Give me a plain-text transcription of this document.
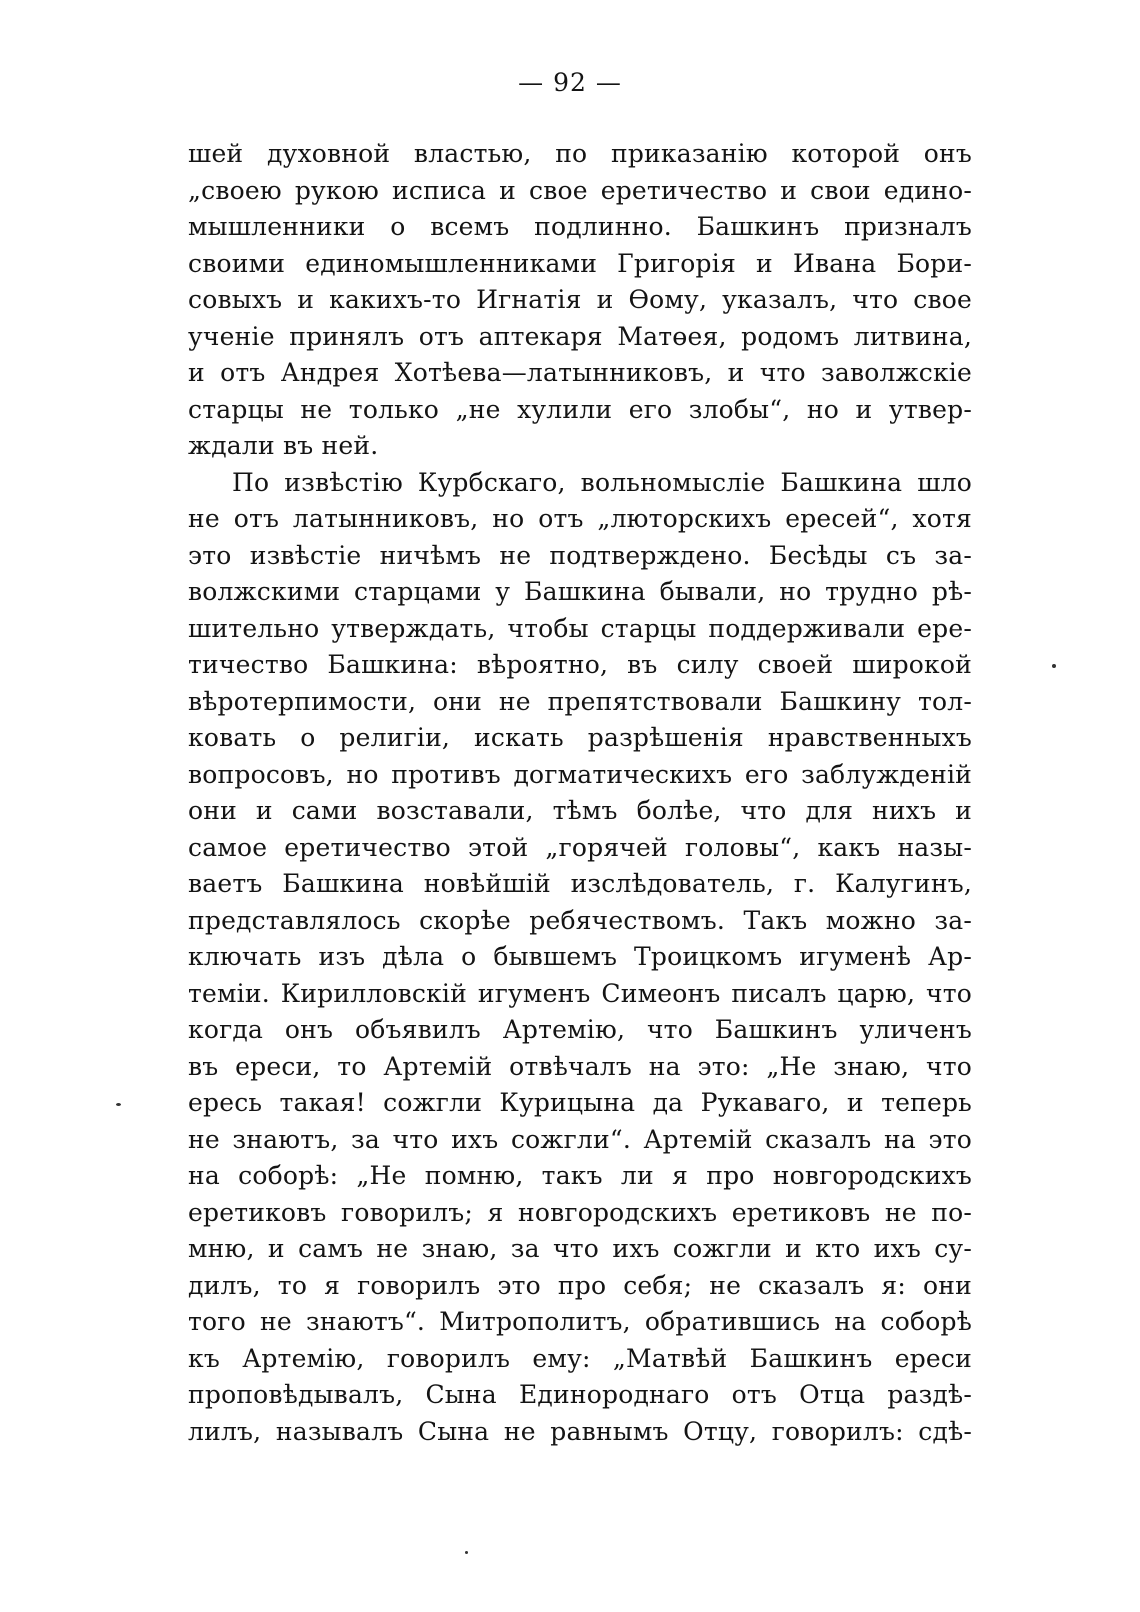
— 92 —
шей духовной властью, по приказанію которой онъ
„своею рукою исписа и свое еретичество и свои едино-
мышленники о всемъ подлинно. Башкинъ призналъ
своими единомышленниками Григорія и Ивана Бори-
совыхъ и какихъ-то Игнатія и Өому, указалъ, что свое
ученіе принялъ отъ аптекаря Матөея, родомъ литвина,
и отъ Андрея Хотѣева—латынниковъ, и что заволжскіе
старцы не только „не хулили его злобы“, но и утвер-
ждали въ ней.
По извѣстію Курбскаго, вольномысліе Башкина шло
не отъ латынниковъ, но отъ „люторскихъ ересей“, хотя
это извѣстіе ничѣмъ не подтверждено. Бесѣды съ за-
волжскими старцами у Башкина бывали, но трудно рѣ-
шительно утверждать, чтобы старцы поддерживали ере-
тичество Башкина: вѣроятно, въ силу своей широкой
вѣротерпимости, они не препятствовали Башкину тол-
ковать о религіи, искать разрѣшенія нравственныхъ
вопросовъ, но противъ догматическихъ его заблужденій
они и сами возставали, тѣмъ болѣе, что для нихъ и
самое еретичество этой „горячей головы“, какъ назы-
ваетъ Башкина новѣйшій изслѣдователь, г. Калугинъ,
представлялось скорѣе ребячествомъ. Такъ можно за-
ключать изъ дѣла о бывшемъ Троицкомъ игуменѣ Ар-
теміи. Кирилловскій игуменъ Симеонъ писалъ царю, что
когда онъ объявилъ Артемію, что Башкинъ уличенъ
въ ереси, то Артемій отвѣчалъ на это: „Не знаю, что
ересь такая! сожгли Курицына да Рукаваго, и теперь
не знаютъ, за что ихъ сожгли“. Артемій сказалъ на это
на соборѣ: „Не помню, такъ ли я про новгородскихъ
еретиковъ говорилъ; я новгородскихъ еретиковъ не по-
мню, и самъ не знаю, за что ихъ сожгли и кто ихъ су-
дилъ, то я говорилъ это про себя; не сказалъ я: они
того не знаютъ“. Митрополитъ, обратившись на соборѣ
къ Артемію, говорилъ ему: „Матвѣй Башкинъ ереси
проповѣдывалъ, Сына Единороднаго отъ Отца раздѣ-
лилъ, называлъ Сына не равнымъ Отцу, говорилъ: сдѣ-
